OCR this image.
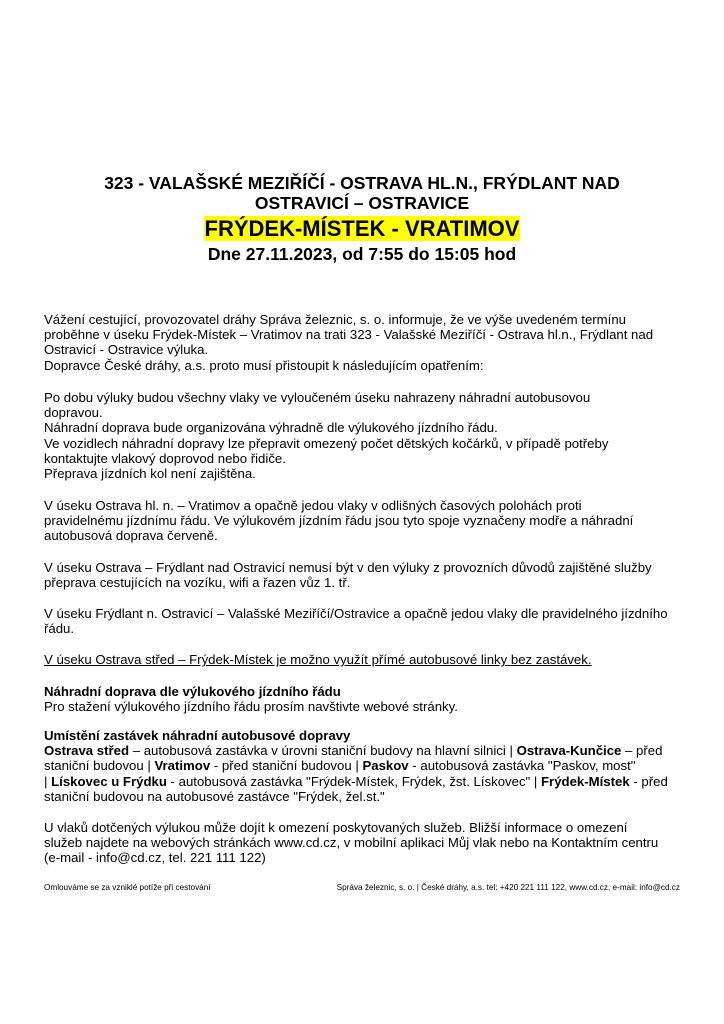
323 - VALAŠSKÉ MEZIŘÍČÍ - OSTRAVA HL.N., FRÝDLANT NAD
OSTRAVICÍ – OSTRAVICE
FRÝDEK-MÍSTEK - VRATIMOV
Dne 27.11.2023, od 7:55 do 15:05 hod

Vážení cestující, provozovatel dráhy Správa železnic, s. o. informuje, že ve výše uvedeném termínu

proběhne v úseku Frýdek-Místek – Vratimov na trati 323 - Valašské Meziříčí - Ostrava hl.n., Frýdlant nad

Ostravicí - Ostravice výluka.

Dopravce České dráhy, a.s. proto musí přistoupit k následujícím opatřením:

Po dobu výluky budou všechny vlaky ve vyloučeném úseku nahrazeny náhradní autobusovou

dopravou.

Náhradní doprava bude organizována výhradně dle výlukového jízdního řádu.

Ve vozidlech náhradní dopravy lze přepravit omezený počet dětských kočárků, v případě potřeby

kontaktujte vlakový doprovod nebo řidiče.

Přeprava jízdních kol není zajištěna.

V úseku Ostrava hl. n. – Vratimov a opačně jedou vlaky v odlišných časových polohách proti

pravidelnému jízdnímu řádu. Ve výlukovém jízdním řádu jsou tyto spoje vyznačeny modře a náhradní

autobusová doprava červeně.

V úseku Ostrava – Frýdlant nad Ostravicí nemusí být v den výluky z provozních důvodů zajištěné služby

přeprava cestujících na vozíku, wifi a řazen vůz 1. tř.

V úseku Frýdlant n. Ostravicí – Valašské Meziříčí/Ostravice a opačně jedou vlaky dle pravidelného jízdního

řádu.

V úseku Ostrava střed – Frýdek-Místek je možno využít přímé autobusové linky bez zastávek.

Náhradní doprava dle výlukového jízdního řádu

Pro stažení výlukového jízdního řádu prosím navštivte webové stránky.

Umístění zastávek náhradní autobusové dopravy

Ostrava střed – autobusová zastávka v úrovni staniční budovy na hlavní silnici | Ostrava-Kunčice – před

staniční budovou | Vratimov - před staniční budovou | Paskov - autobusová zastávka "Paskov, most"

| Lískovec u Frýdku - autobusová zastávka "Frýdek-Místek, Frýdek, žst. Lískovec" | Frýdek-Místek - před

staniční budovou na autobusové zastávce "Frýdek, žel.st."

U vlaků dotčených výlukou může dojít k omezení poskytovaných služeb. Bližší informace o omezení

služeb najdete na webových stránkách www.cd.cz, v mobilní aplikaci Můj vlak nebo na Kontaktním centru

(e-mail - info@cd.cz, tel. 221 111 122)

Omlouváme se za vzniklé potíže při cestování	Správa železnic, s. o. | České dráhy, a.s. tel: +420 221 111 122, www.cd.cz, e-mail: info@cd.cz
